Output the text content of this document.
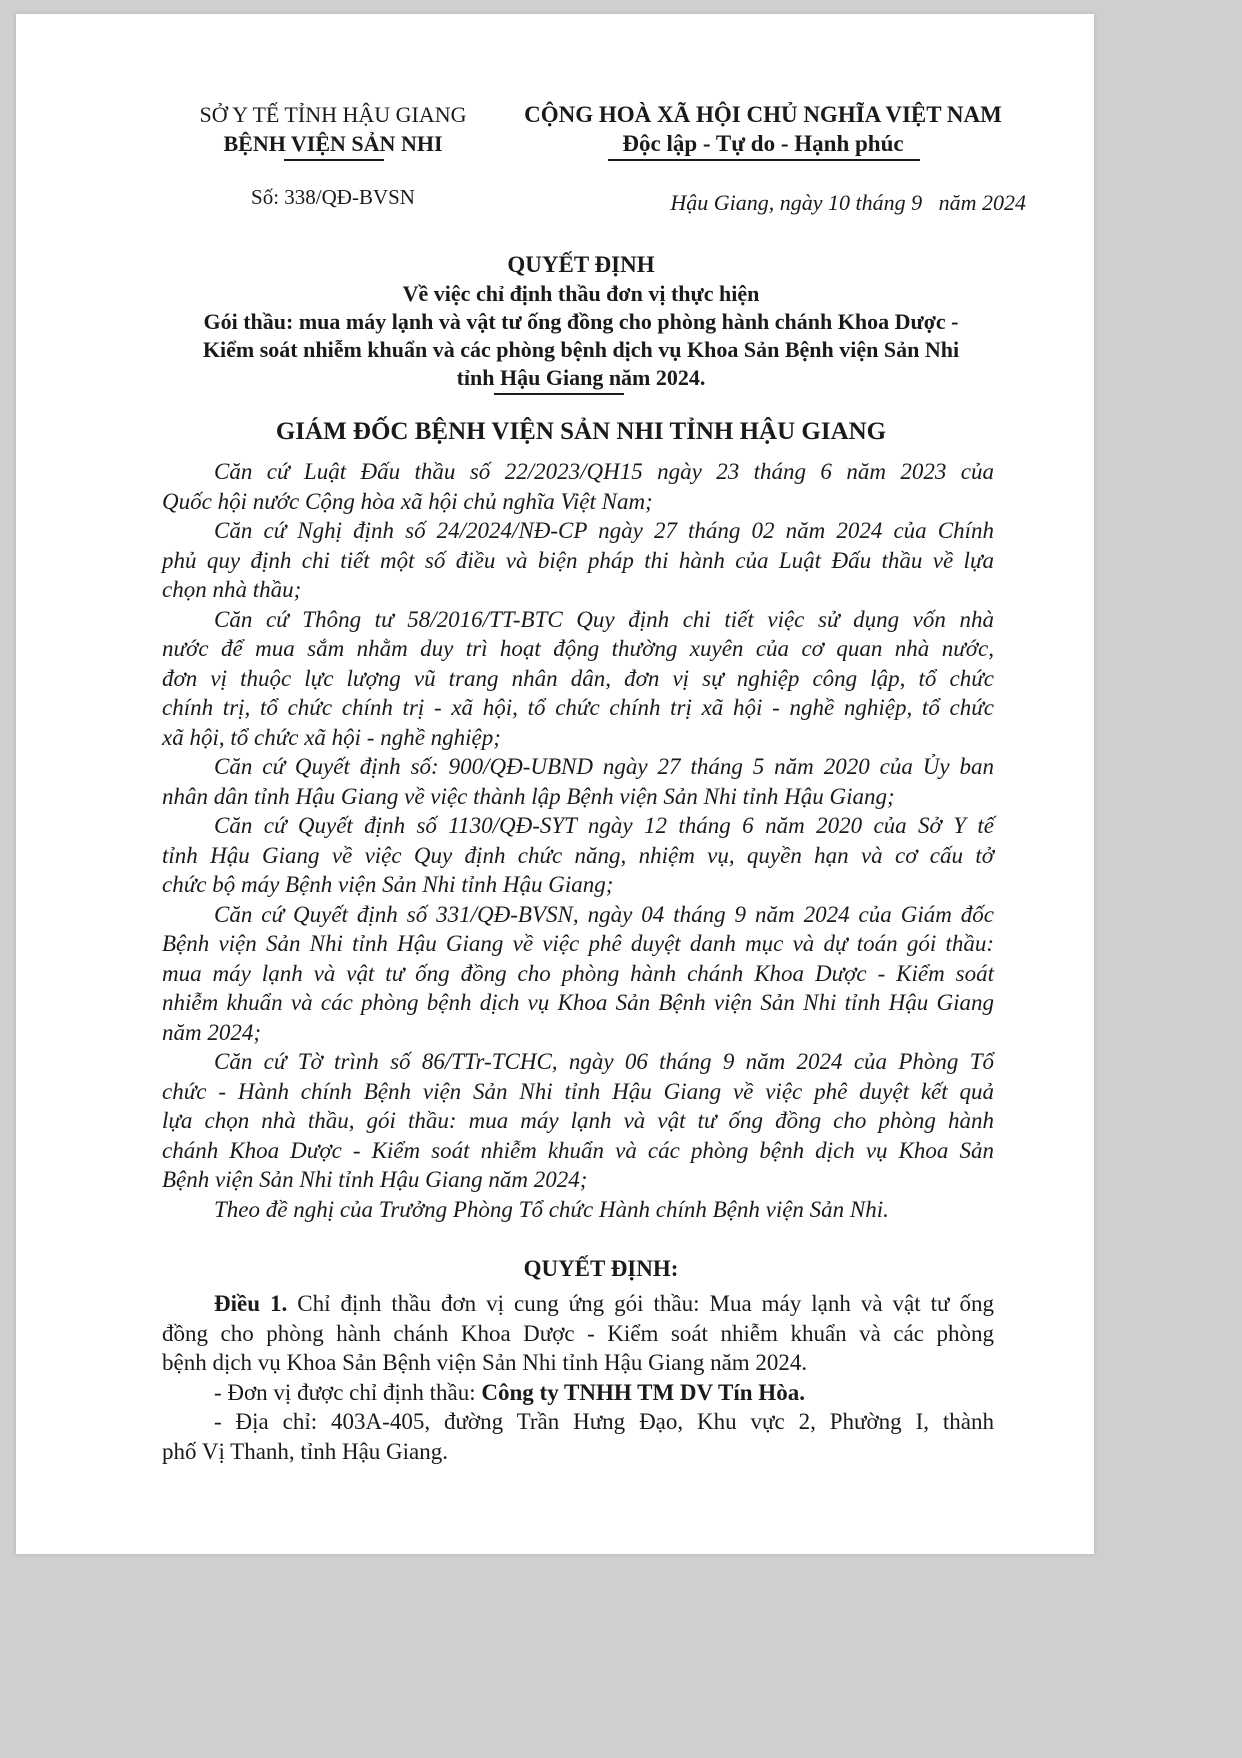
SỞ Y TẾ TỈNH HẬU GIANG
BỆNH VIỆN SẢN NHI
CỘNG HOÀ XÃ HỘI CHỦ NGHĨA VIỆT NAM
Độc lập - Tự do - Hạnh phúc
Số: 338/QĐ-BVSN	Hậu Giang, ngày 10 tháng 9   năm 2024
QUYẾT ĐỊNH
Về việc chỉ định thầu đơn vị thực hiện
Gói thầu: mua máy lạnh và vật tư ống đồng cho phòng hành chánh Khoa Dược -
Kiểm soát nhiễm khuẩn và các phòng bệnh dịch vụ Khoa Sản Bệnh viện Sản Nhi
tỉnh Hậu Giang năm 2024.
GIÁM ĐỐC BỆNH VIỆN SẢN NHI TỈNH HẬU GIANG
Căn cứ Luật Đấu thầu số 22/2023/QH15 ngày 23 tháng 6 năm 2023 của
Quốc hội nước Cộng hòa xã hội chủ nghĩa Việt Nam;
Căn cứ Nghị định số 24/2024/NĐ-CP ngày 27 tháng 02 năm 2024 của Chính
phủ quy định chi tiết một số điều và biện pháp thi hành của Luật Đấu thầu về lựa
chọn nhà thầu;
Căn cứ Thông tư 58/2016/TT-BTC Quy định chi tiết việc sử dụng vốn nhà
nước để mua sắm nhằm duy trì hoạt động thường xuyên của cơ quan nhà nước,
đơn vị thuộc lực lượng vũ trang nhân dân, đơn vị sự nghiệp công lập, tổ chức
chính trị, tổ chức chính trị - xã hội, tổ chức chính trị xã hội - nghề nghiệp, tổ chức
xã hội, tổ chức xã hội - nghề nghiệp;
Căn cứ Quyết định số: 900/QĐ-UBND ngày 27 tháng 5 năm 2020 của Ủy ban
nhân dân tỉnh Hậu Giang về việc thành lập Bệnh viện Sản Nhi tỉnh Hậu Giang;
Căn cứ Quyết định số 1130/QĐ-SYT ngày 12 tháng 6 năm 2020 của Sở Y tế
tỉnh Hậu Giang về việc Quy định chức năng, nhiệm vụ, quyền hạn và cơ cấu tở
chức bộ máy Bệnh viện Sản Nhi tỉnh Hậu Giang;
Căn cứ Quyết định số 331/QĐ-BVSN, ngày 04 tháng 9 năm 2024 của Giám đốc
Bệnh viện Sản Nhi tỉnh Hậu Giang về việc phê duyệt danh mục và dự toán gói thầu:
mua máy lạnh và vật tư ống đồng cho phòng hành chánh Khoa Dược - Kiểm soát
nhiễm khuẩn và các phòng bệnh dịch vụ Khoa Sản Bệnh viện Sản Nhi tỉnh Hậu Giang
năm 2024;
Căn cứ Tờ trình số 86/TTr-TCHC, ngày 06 tháng 9 năm 2024 của Phòng Tổ
chức - Hành chính Bệnh viện Sản Nhi tỉnh Hậu Giang về việc phê duyệt kết quả
lựa chọn nhà thầu, gói thầu: mua máy lạnh và vật tư ống đồng cho phòng hành
chánh Khoa Dược - Kiểm soát nhiễm khuẩn và các phòng bệnh dịch vụ Khoa Sản
Bệnh viện Sản Nhi tỉnh Hậu Giang năm 2024;
Theo đề nghị của Trưởng Phòng Tổ chức Hành chính Bệnh viện Sản Nhi.
QUYẾT ĐỊNH:
Điều 1. Chỉ định thầu đơn vị cung ứng gói thầu: Mua máy lạnh và vật tư ống
đồng cho phòng hành chánh Khoa Dược - Kiểm soát nhiễm khuẩn và các phòng
bệnh dịch vụ Khoa Sản Bệnh viện Sản Nhi tỉnh Hậu Giang năm 2024.
- Đơn vị được chỉ định thầu: Công ty TNHH TM DV Tín Hòa.
- Địa chỉ: 403A-405, đường Trần Hưng Đạo, Khu vực 2, Phường I, thành
phố Vị Thanh, tỉnh Hậu Giang.
